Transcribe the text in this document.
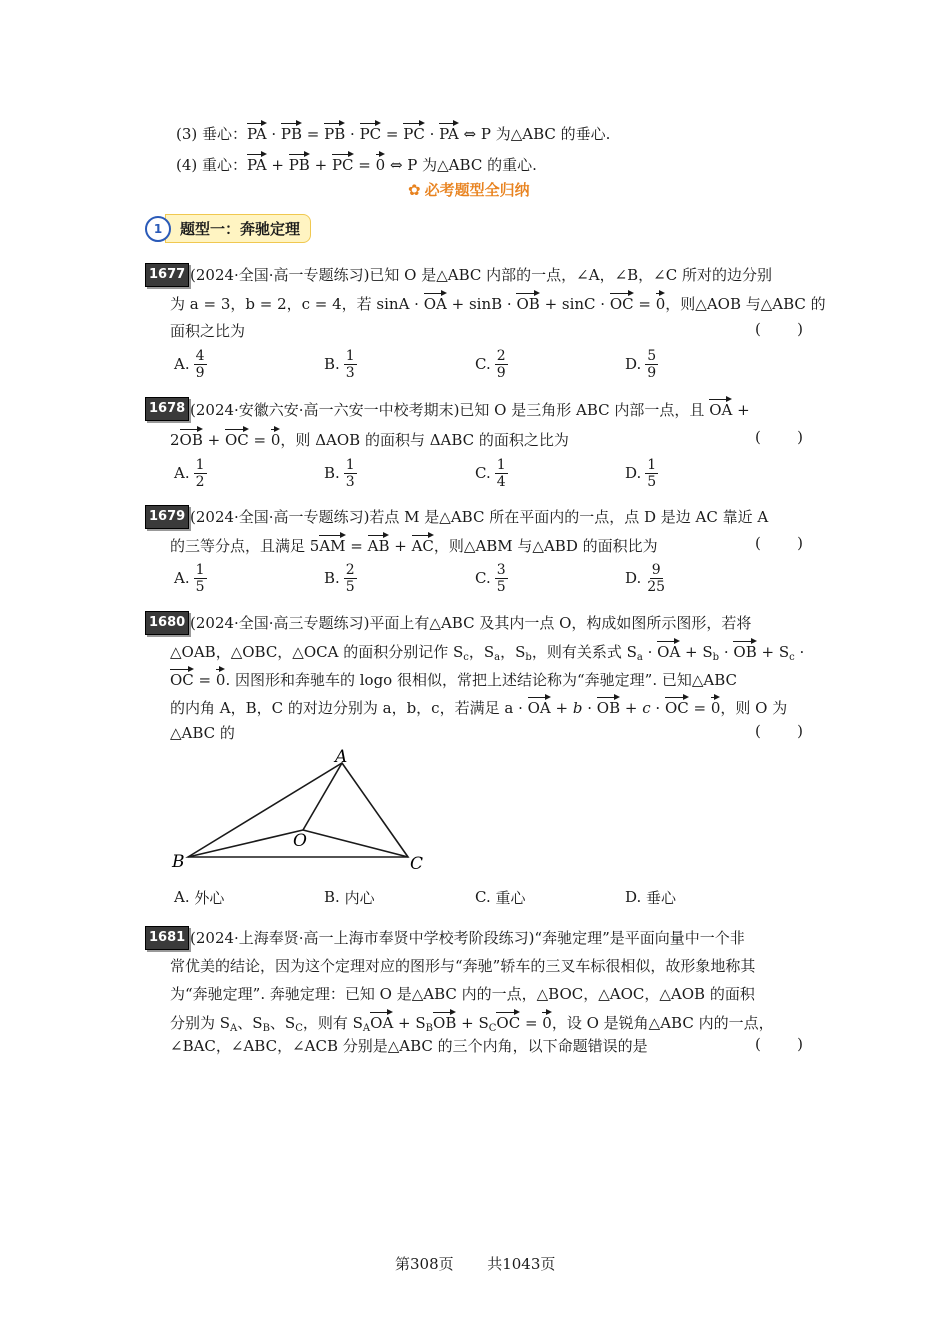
(3) 垂心：PA · PB = PB · PC = PC · PA ⇔ P 为△ABC 的垂心.
(4) 重心：PA + PB + PC = 0 ⇔ P 为△ABC 的重心.
✿ 必考题型全归纳
1	题型一：奔驰定理
1677 (2024·全国·高一专题练习)已知 O 是△ABC 内部的一点，∠A，∠B，∠C 所对的边分别
为 a = 3，b = 2，c = 4，若 sinA · OA + sinB · OB + sinC · OC = 0，则△AOB 与△ABC 的
面积之比为	( )
A. $\frac{4}{9}$	B. $\frac{1}{3}$	C. $\frac{2}{9}$	D. $\frac{5}{9}$
1678 (2024·安徽六安·高一六安一中校考期末)已知 O 是三角形 ABC 内部一点，且 OA +
2OB + OC = 0，则 ΔAOB 的面积与 ΔABC 的面积之比为	( )
A. $\frac{1}{2}$	B. $\frac{1}{3}$	C. $\frac{1}{4}$	D. $\frac{1}{5}$
1679 (2024·全国·高一专题练习)若点 M 是△ABC 所在平面内的一点，点 D 是边 AC 靠近 A
的三等分点，且满足 5AM = AB + AC，则△ABM 与△ABD 的面积比为	( )
A. $\frac{1}{5}$	B. $\frac{2}{5}$	C. $\frac{3}{5}$	D. $\frac{9}{25}$
1680 (2024·全国·高三专题练习)平面上有△ABC 及其内一点 O，构成如图所示图形，若将
△OAB，△OBC，△OCA 的面积分别记作 $S_c$，$S_a$，$S_b$，则有关系式 $S_a$ · OA + $S_b$ · OB + $S_c$ ·
OC = 0. 因图形和奔驰车的 logo 很相似，常把上述结论称为“奔驰定理”. 已知△ABC
的内角 A，B，C 的对边分别为 a，b，c，若满足 a · OA + b · OB + c · OC = 0，则 O 为
△ABC 的	( )
A
B	C
O
A.
外心	B.
内心	C.
重心	D.
垂心
1681 (2024·上海奉贤·高一上海市奉贤中学校考阶段练习)“奔驰定理”是平面向量中一个非
常优美的结论，因为这个定理对应的图形与“奔驰”轿车的三叉车标很相似，故形象地称其
为“奔驰定理”. 奔驰定理：已知 O 是△ABC 内的一点，△BOC，△AOC，△AOB 的面积
分别为 $S_A$、$S_B$、$S_C$，则有 $S_AOA + S_BOB + S_COC = 0$，设 O 是锐角△ABC 内的一点，
∠BAC，∠ABC，∠ACB 分别是△ABC 的三个内角，以下命题错误的是	( )
第308页 共1043页
